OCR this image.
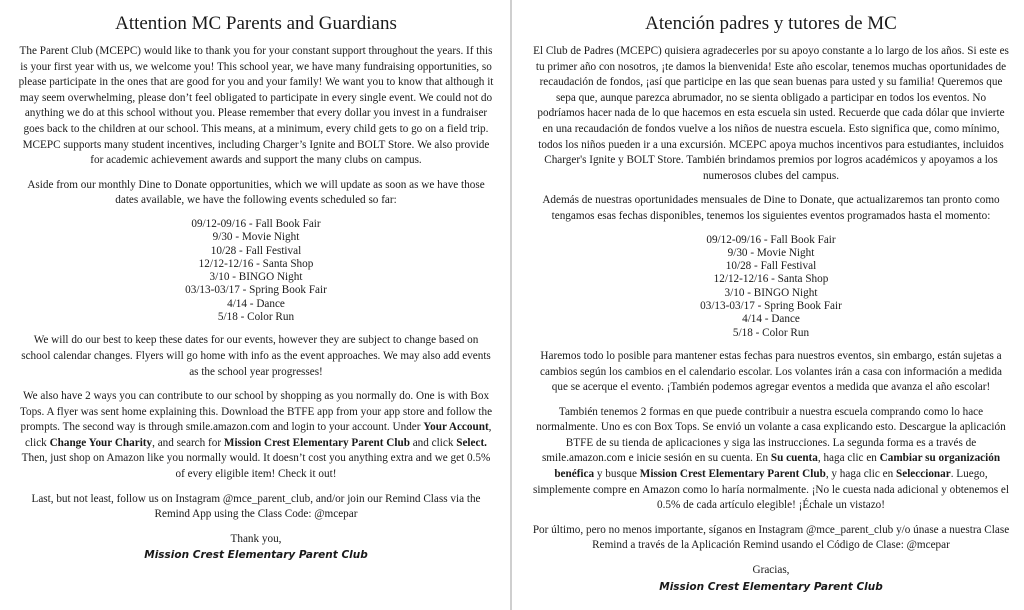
Attention MC Parents and Guardians

The Parent Club (MCEPC) would like to thank you for your constant support throughout the years. If this is your first year with us, we welcome you! This school year, we have many fundraising opportunities, so please participate in the ones that are good for you and your family! We want you to know that although it may seem overwhelming, please don’t feel obligated to participate in every single event. We could not do anything we do at this school without you. Please remember that every dollar you invest in a fundraiser goes back to the children at our school. This means, at a minimum, every child gets to go on a field trip. MCEPC supports many student incentives, including Charger’s Ignite and BOLT Store. We also provide for academic achievement awards and support the many clubs on campus.

Aside from our monthly Dine to Donate opportunities, which we will update as soon as we have those dates available, we have the following events scheduled so far:

09/12-09/16 - Fall Book Fair
9/30 - Movie Night
10/28 - Fall Festival
12/12-12/16 - Santa Shop
3/10 - BINGO Night
03/13-03/17 - Spring Book Fair
4/14 - Dance
5/18 - Color Run

We will do our best to keep these dates for our events, however they are subject to change based on school calendar changes. Flyers will go home with info as the event approaches. We may also add events as the school year progresses!

We also have 2 ways you can contribute to our school by shopping as you normally do. One is with Box Tops. A flyer was sent home explaining this. Download the BTFE app from your app store and follow the prompts. The second way is through smile.amazon.com and login to your account. Under Your Account, click Change Your Charity, and search for Mission Crest Elementary Parent Club and click Select. Then, just shop on Amazon like you normally would. It doesn’t cost you anything extra and we get 0.5% of every eligible item! Check it out!

Last, but not least, follow us on Instagram @mce_parent_club, and/or join our Remind Class via the Remind App using the Class Code: @mcepar

Thank you,

Mission Crest Elementary Parent Club
Atención padres y tutores de MC

El Club de Padres (MCEPC) quisiera agradecerles por su apoyo constante a lo largo de los años. Si este es tu primer año con nosotros, ¡te damos la bienvenida! Este año escolar, tenemos muchas oportunidades de recaudación de fondos, ¡así que participe en las que sean buenas para usted y su familia! Queremos que sepa que, aunque parezca abrumador, no se sienta obligado a participar en todos los eventos. No podríamos hacer nada de lo que hacemos en esta escuela sin usted. Recuerde que cada dólar que invierte en una recaudación de fondos vuelve a los niños de nuestra escuela. Esto significa que, como mínimo, todos los niños pueden ir a una excursión. MCEPC apoya muchos incentivos para estudiantes, incluidos Charger's Ignite y BOLT Store. También brindamos premios por logros académicos y apoyamos a los numerosos clubes del campus.

Además de nuestras oportunidades mensuales de Dine to Donate, que actualizaremos tan pronto como tengamos esas fechas disponibles, tenemos los siguientes eventos programados hasta el momento:

09/12-09/16 - Fall Book Fair
9/30 - Movie Night
10/28 - Fall Festival
12/12-12/16 - Santa Shop
3/10 - BINGO Night
03/13-03/17 - Spring Book Fair
4/14 - Dance
5/18 - Color Run

Haremos todo lo posible para mantener estas fechas para nuestros eventos, sin embargo, están sujetas a cambios según los cambios en el calendario escolar. Los volantes irán a casa con información a medida que se acerque el evento. ¡También podemos agregar eventos a medida que avanza el año escolar!

También tenemos 2 formas en que puede contribuir a nuestra escuela comprando como lo hace normalmente. Uno es con Box Tops. Se envió un volante a casa explicando esto. Descargue la aplicación BTFE de su tienda de aplicaciones y siga las instrucciones. La segunda forma es a través de smile.amazon.com e inicie sesión en su cuenta. En Su cuenta, haga clic en Cambiar su organización benéfica y busque Mission Crest Elementary Parent Club, y haga clic en Seleccionar. Luego, simplemente compre en Amazon como lo haría normalmente. ¡No le cuesta nada adicional y obtenemos el 0.5% de cada artículo elegible! ¡Échale un vistazo!

Por último, pero no menos importante, síganos en Instagram @mce_parent_club y/o únase a nuestra Clase Remind a través de la Aplicación Remind usando el Código de Clase: @mcepar

Gracias,

Mission Crest Elementary Parent Club
